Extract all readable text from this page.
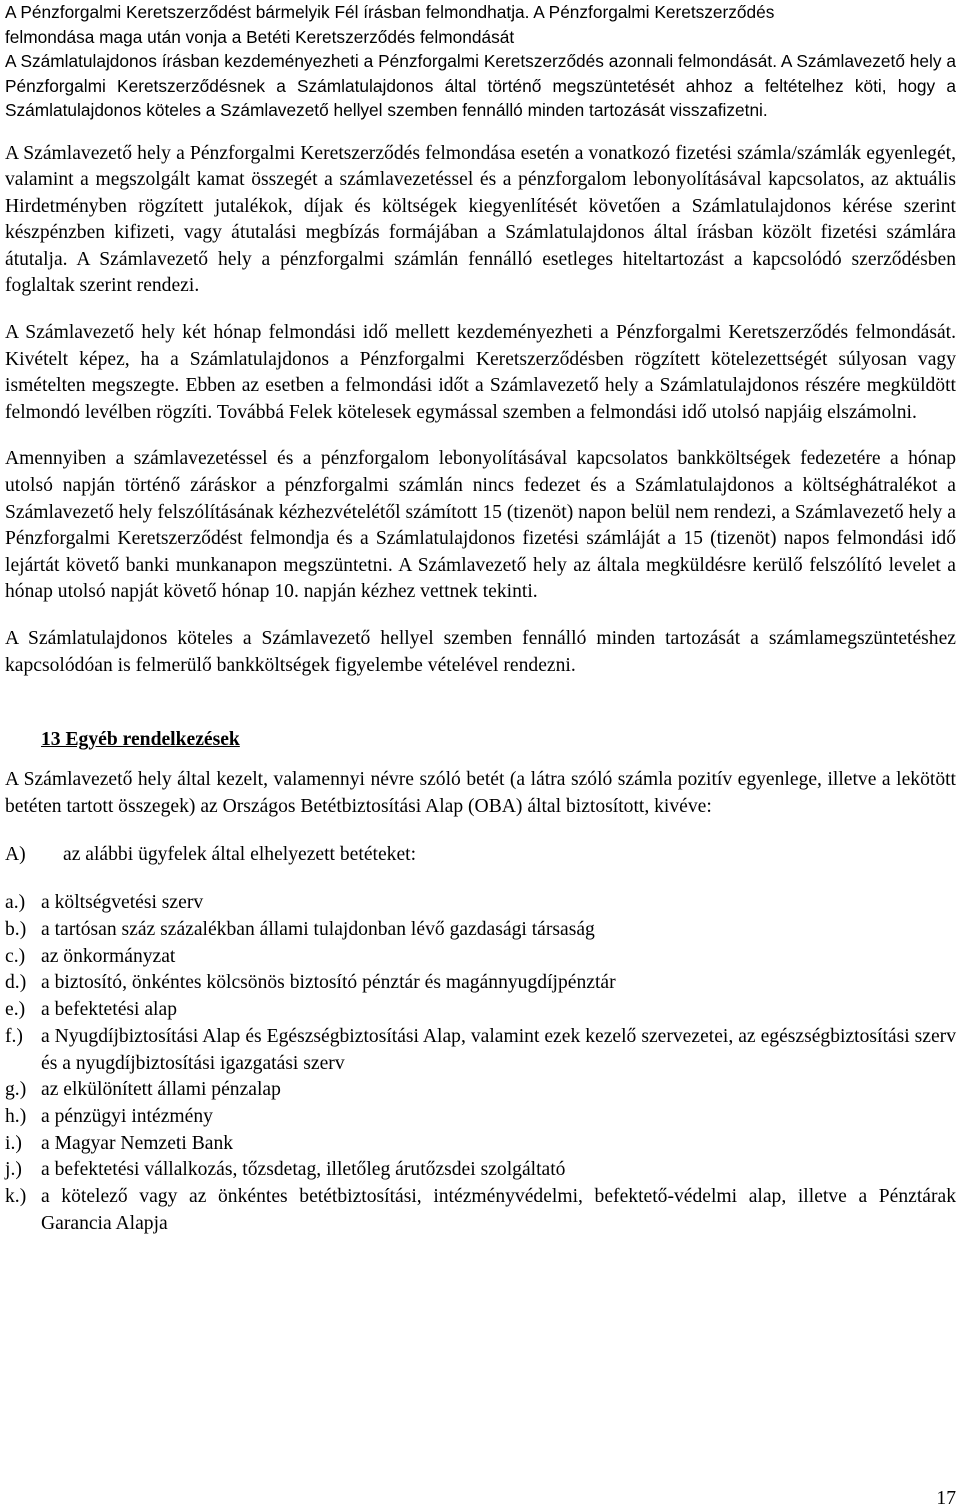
A Pénzforgalmi Keretszerződést bármelyik Fél írásban felmondhatja. A Pénzforgalmi Keretszerződés
felmondása maga után vonja a Betéti Keretszerződés felmondását
A Számlatulajdonos írásban kezdeményezheti a Pénzforgalmi Keretszerződés azonnali felmondását. A Számlavezető hely a Pénzforgalmi Keretszerződésnek a Számlatulajdonos által történő megszüntetését ahhoz a feltételhez köti, hogy a Számlatulajdonos köteles a Számlavezető hellyel szemben fennálló minden tartozását visszafizetni.

A Számlavezető hely a Pénzforgalmi Keretszerződés felmondása esetén a vonatkozó fizetési számla/számlák egyenlegét, valamint a megszolgált kamat összegét a számlavezetéssel és a pénzforgalom lebonyolításával kapcsolatos, az aktuális Hirdetményben rögzített jutalékok, díjak és költségek kiegyenlítését követően a Számlatulajdonos kérése szerint készpénzben kifizeti, vagy átutalási megbízás formájában a Számlatulajdonos által írásban közölt fizetési számlára átutalja. A Számlavezető hely a pénzforgalmi számlán fennálló esetleges hiteltartozást a kapcsolódó szerződésben foglaltak szerint rendezi.

A Számlavezető hely két hónap felmondási idő mellett kezdeményezheti a Pénzforgalmi Keretszerződés felmondását. Kivételt képez, ha a Számlatulajdonos a Pénzforgalmi Keretszerződésben rögzített kötelezettségét súlyosan vagy ismételten megszegte. Ebben az esetben a felmondási időt a Számlavezető hely a Számlatulajdonos részére megküldött felmondó levélben rögzíti. Továbbá Felek kötelesek egymással szemben a felmondási idő utolsó napjáig elszámolni.

Amennyiben a számlavezetéssel és a pénzforgalom lebonyolításával kapcsolatos bankköltségek fedezetére a hónap utolsó napján történő záráskor a pénzforgalmi számlán nincs fedezet és a Számlatulajdonos a költséghátralékot a Számlavezető hely felszólításának kézhezvételétől számított 15 (tizenöt) napon belül nem rendezi, a Számlavezető hely a Pénzforgalmi Keretszerződést felmondja és a Számlatulajdonos fizetési számláját a 15 (tizenöt) napos felmondási idő lejártát követő banki munkanapon megszüntetni. A Számlavezető hely az általa megküldésre kerülő felszólító levelet a hónap utolsó napját követő hónap 10. napján kézhez vettnek tekinti.

A Számlatulajdonos köteles a Számlavezető hellyel szemben fennálló minden tartozását a számlamegszüntetéshez kapcsolódóan is felmerülő bankköltségek figyelembe vételével rendezni.

13 Egyéb rendelkezések

A Számlavezető hely által kezelt, valamennyi névre szóló betét (a látra szóló számla pozitív egyenlege, illetve a lekötött betéten tartott összegek) az Országos Betétbiztosítási Alap (OBA) által biztosított, kivéve:

A)	az alábbi ügyfelek által elhelyezett betéteket:
a.) a költségvetési szerv
b.) a tartósan száz százalékban állami tulajdonban lévő gazdasági társaság
c.) az önkormányzat
d.) a biztosító, önkéntes kölcsönös biztosító pénztár és magánnyugdíjpénztár
e.) a befektetési alap
f.) a Nyugdíjbiztosítási Alap és Egészségbiztosítási Alap, valamint ezek kezelő szervezetei, az egészségbiztosítási szerv és a nyugdíjbiztosítási igazgatási szerv
g.) az elkülönített állami pénzalap
h.) a pénzügyi intézmény
i.) a Magyar Nemzeti Bank
j.) a befektetési vállalkozás, tőzsdetag, illetőleg árutőzsdei szolgáltató
k.) a kötelező vagy az önkéntes betétbiztosítási, intézményvédelmi, befektető-védelmi alap, illetve a Pénztárak Garancia Alapja
17
